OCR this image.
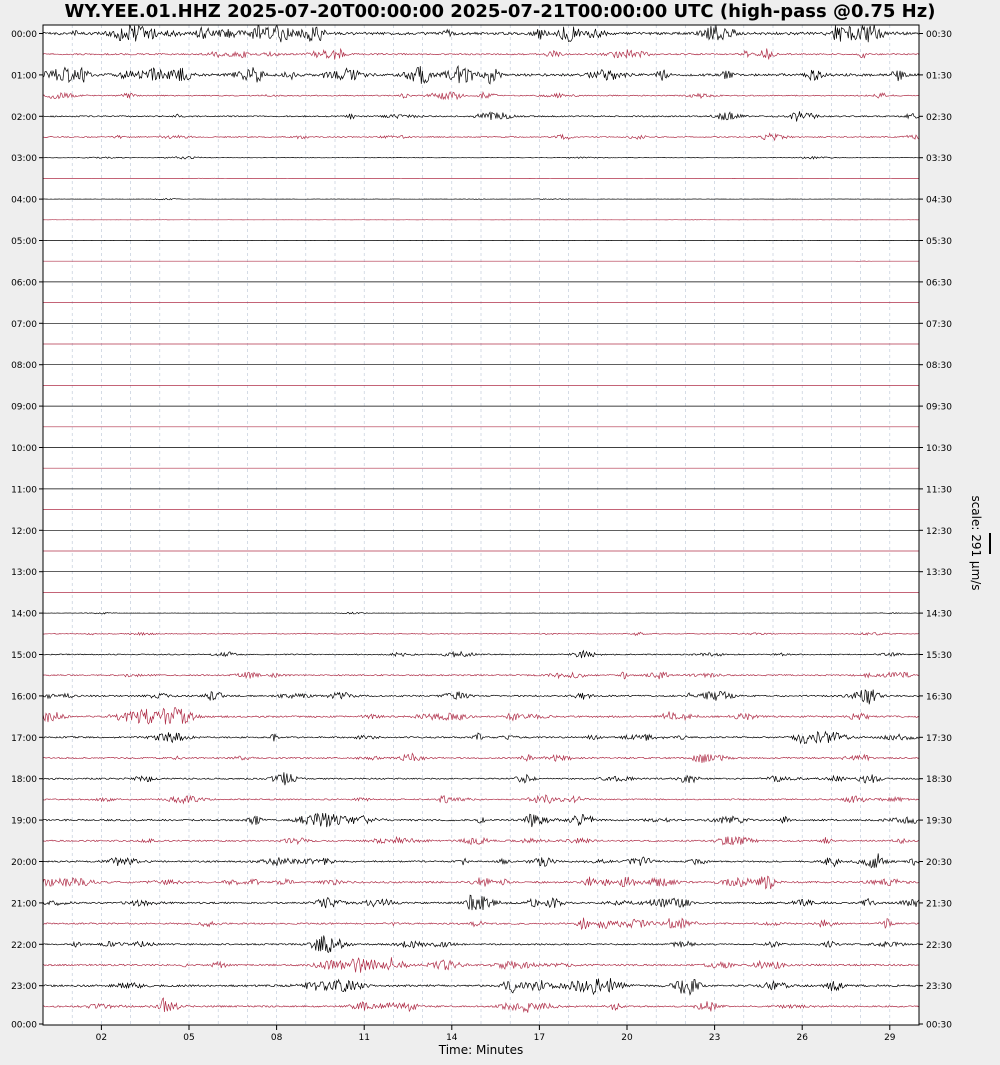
WY.YEE.01.HHZ 2025-07-20T00:00:00 2025-07-21T00:00:00 UTC (high-pass @0.75 Hz)
00:00
01:00
02:00
03:00
04:00
05:00
06:00
07:00
08:00
09:00
10:00
11:00
12:00
13:00
14:00
15:00
16:00
17:00
18:00
19:00
20:00
21:00
22:00
23:00
00:00
00:30
01:30
02:30
03:30
04:30
05:30
06:30
07:30
08:30
09:30
10:30
11:30
12:30
13:30
14:30
15:30
16:30
17:30
18:30
19:30
20:30
21:30
22:30
23:30
00:30
02	05	08	11	14	17	20	23	26	29
Time: Minutes
scale: 291 μm/s
